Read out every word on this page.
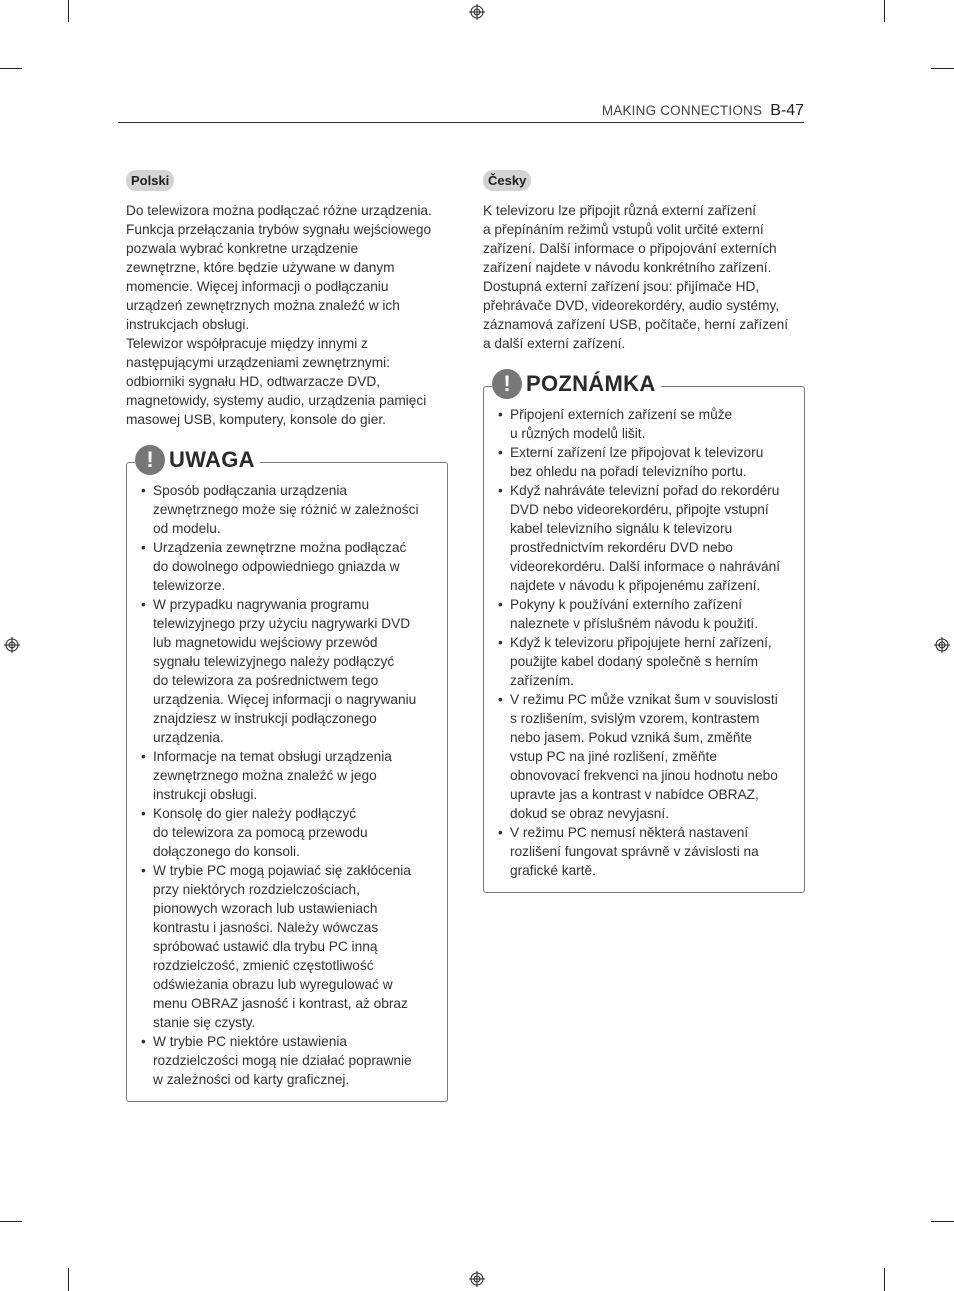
MAKING CONNECTIONS B-47
Polski

Do telewizora można podłączać różne urządzenia.
Funkcja przełączania trybów sygnału wejściowego
pozwala wybrać konkretne urządzenie
zewnętrzne, które będzie używane w danym
momencie. Więcej informacji o podłączaniu
urządzeń zewnętrznych można znaleźć w ich
instrukcjach obsługi.
Telewizor współpracuje między innymi z
następującymi urządzeniami zewnętrznymi:
odbiorniki sygnału HD, odtwarzacze DVD,
magnetowidy, systemy audio, urządzenia pamięci
masowej USB, komputery, konsole do gier.

! UWAGA
• Sposób podłączania urządzenia
zewnętrznego może się różnić w zależności
od modelu.
• Urządzenia zewnętrzne można podłączać
do dowolnego odpowiedniego gniazda w
telewizorze.
• W przypadku nagrywania programu
telewizyjnego przy użyciu nagrywarki DVD
lub magnetowidu wejściowy przewód
sygnału telewizyjnego należy podłączyć
do telewizora za pośrednictwem tego
urządzenia. Więcej informacji o nagrywaniu
znajdziesz w instrukcji podłączonego
urządzenia.
• Informacje na temat obsługi urządzenia
zewnętrznego można znaleźć w jego
instrukcji obsługi.
• Konsolę do gier należy podłączyć
do telewizora za pomocą przewodu
dołączonego do konsoli.
• W trybie PC mogą pojawiać się zakłócenia
przy niektórych rozdzielczościach,
pionowych wzorach lub ustawieniach
kontrastu i jasności. Należy wówczas
spróbować ustawić dla trybu PC inną
rozdzielczość, zmienić częstotliwość
odświeżania obrazu lub wyregulować w
menu OBRAZ jasność i kontrast, aż obraz
stanie się czysty.
• W trybie PC niektóre ustawienia
rozdzielczości mogą nie działać poprawnie
w zależności od karty graficznej.
Česky

K televizoru lze připojit různá externí zařízení
a přepínáním režimů vstupů volit určité externí
zařízení. Další informace o připojování externích
zařízení najdete v návodu konkrétního zařízení.
Dostupná externí zařízení jsou: přijímače HD,
přehrávače DVD, videorekordéry, audio systémy,
záznamová zařízení USB, počítače, herní zařízení
a další externí zařízení.

! POZNÁMKA
• Připojení externích zařízení se může
u různých modelů lišit.
• Externí zařízení lze připojovat k televizoru
bez ohledu na pořadí televizního portu.
• Když nahráváte televizní pořad do rekordéru
DVD nebo videorekordéru, připojte vstupní
kabel televizního signálu k televizoru
prostřednictvím rekordéru DVD nebo
videorekordéru. Další informace o nahrávání
najdete v návodu k připojenému zařízení.
• Pokyny k používání externího zařízení
naleznete v příslušném návodu k použití.
• Když k televizoru připojujete herní zařízení,
použijte kabel dodaný společně s herním
zařízením.
• V režimu PC může vznikat šum v souvislosti
s rozlišením, svislým vzorem, kontrastem
nebo jasem. Pokud vzniká šum, změňte
vstup PC na jiné rozlišení, změňte
obnovovací frekvenci na jinou hodnotu nebo
upravte jas a kontrast v nabídce OBRAZ,
dokud se obraz nevyjasní.
• V režimu PC nemusí některá nastavení
rozlišení fungovat správně v závislosti na
grafické kartě.
